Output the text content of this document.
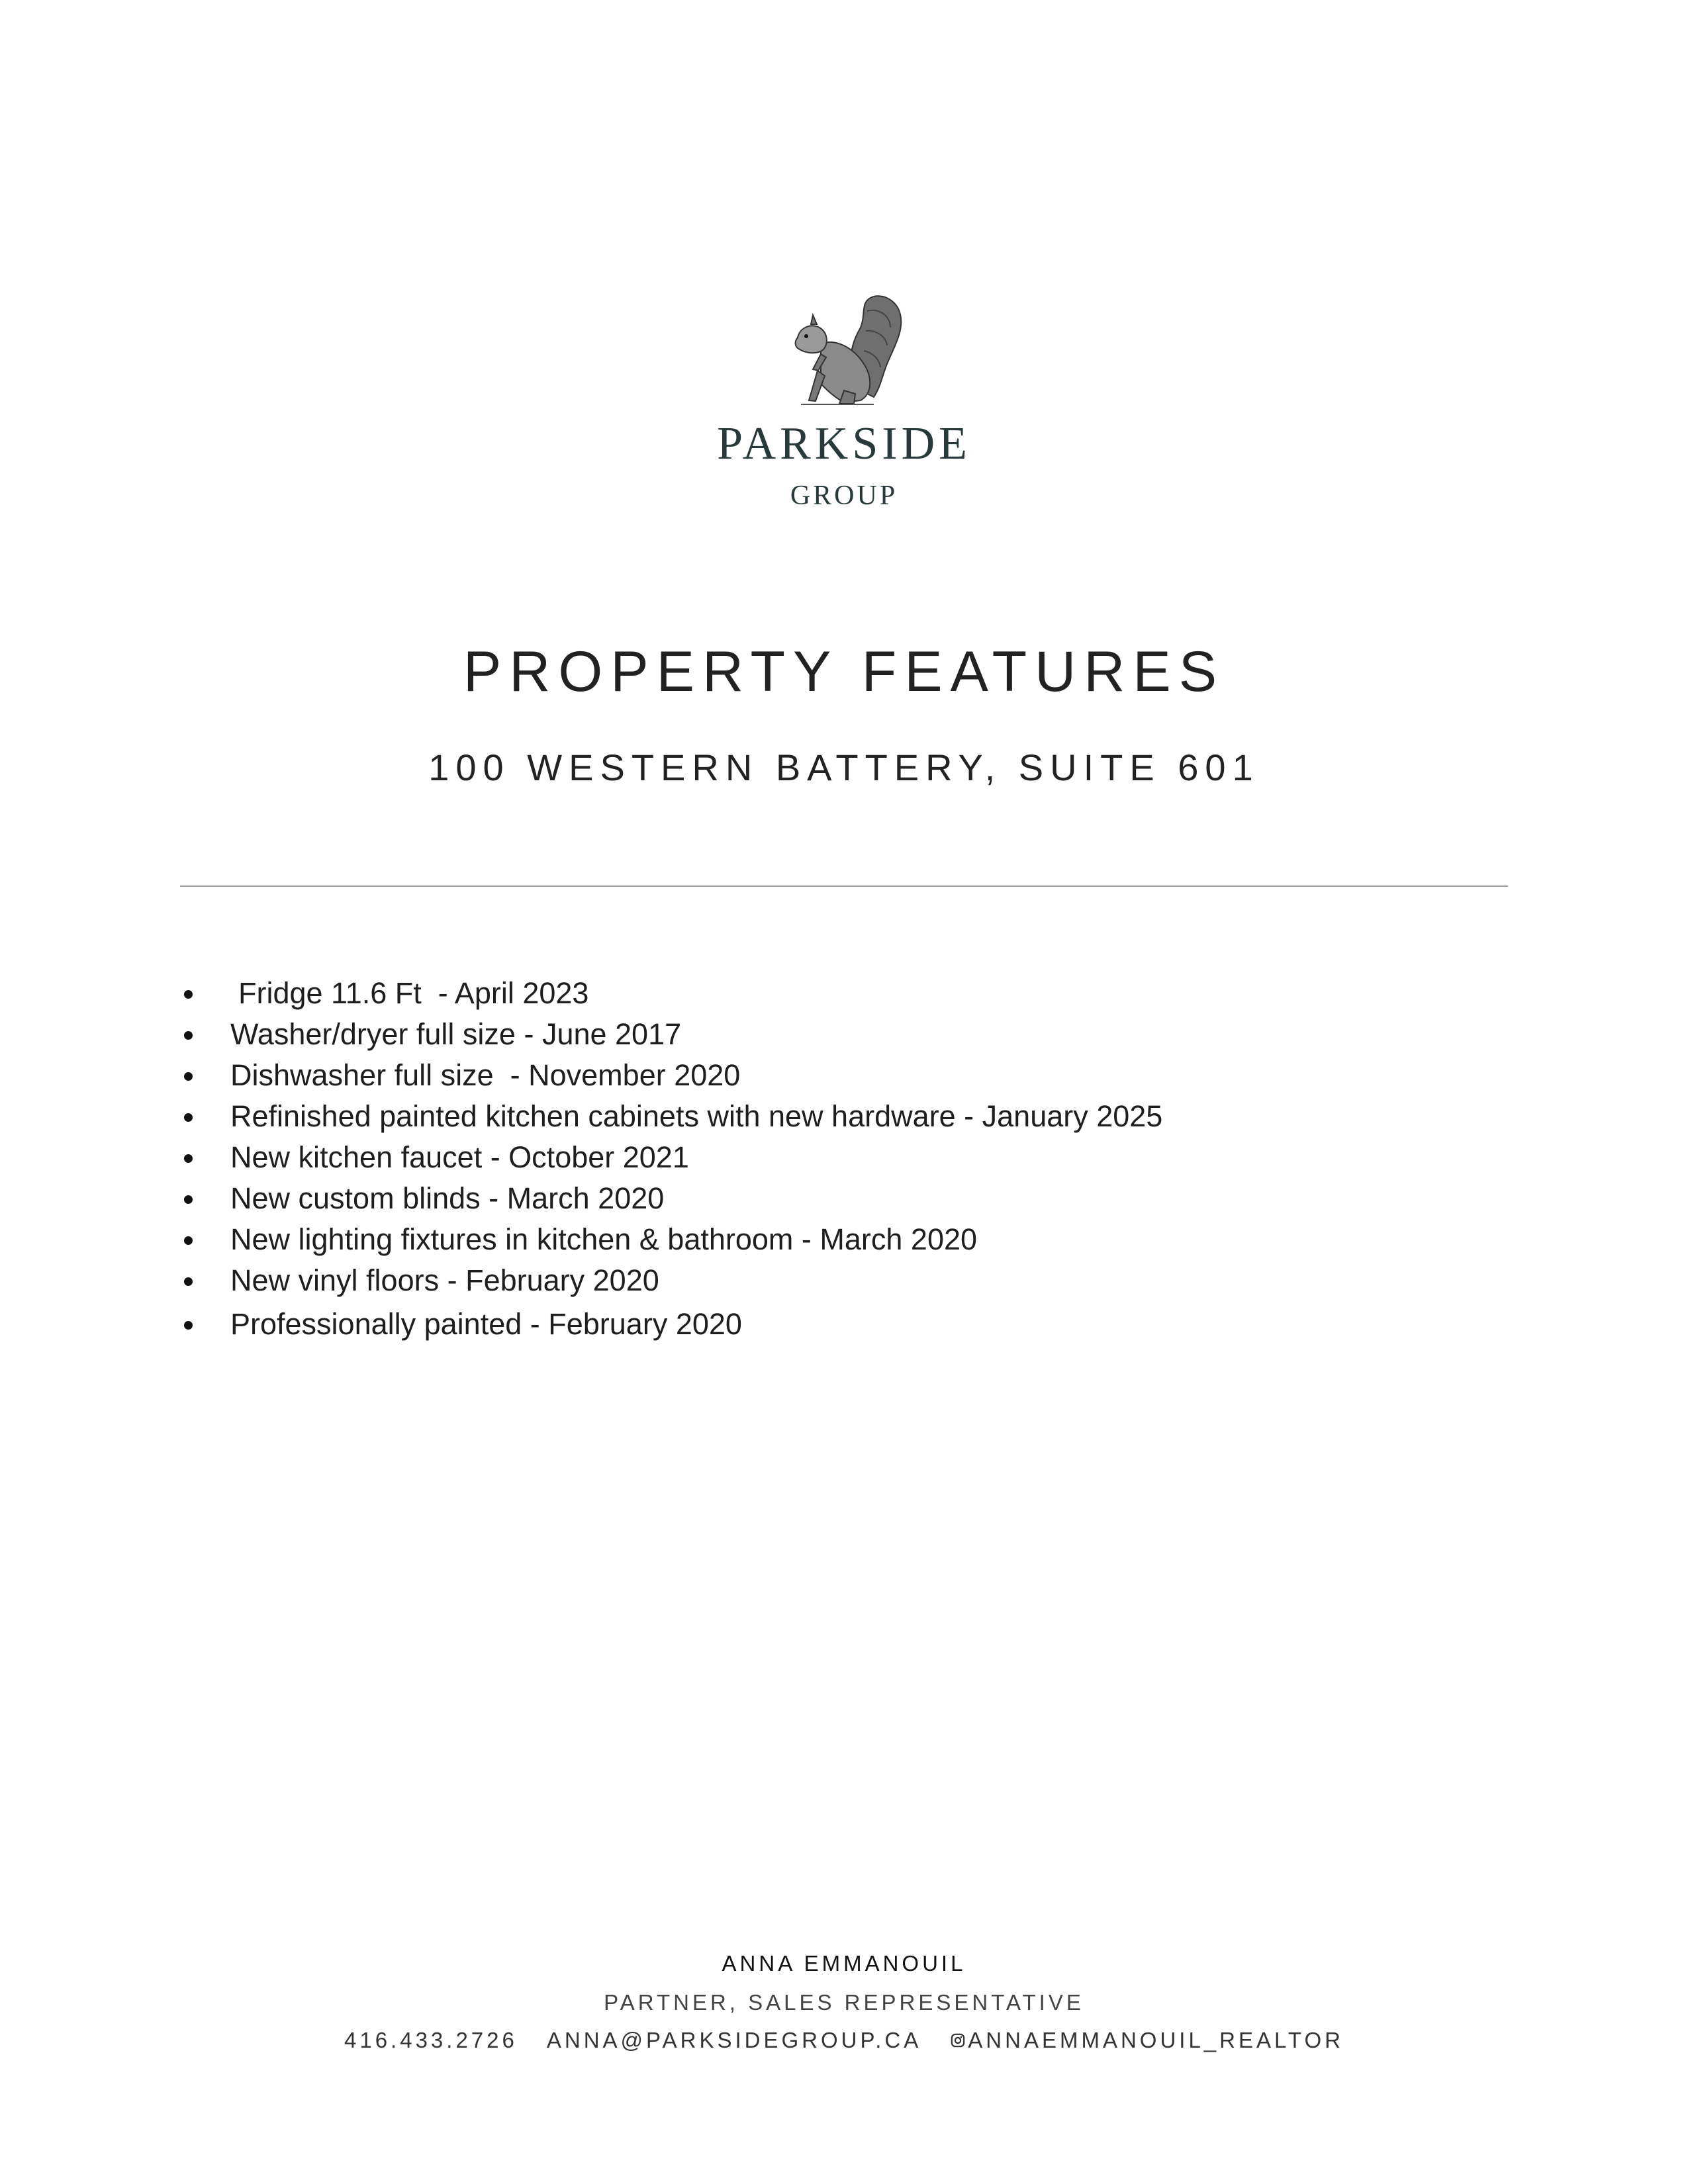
PARKSIDE
GROUP
PROPERTY FEATURES
100 WESTERN BATTERY, SUITE 601

Fridge 11.6 Ft  - April 2023

Washer/dryer full size - June 2017

Dishwasher full size  - November 2020

Refinished painted kitchen cabinets with new hardware - January 2025

New kitchen faucet - October 2021

New custom blinds - March 2020

New lighting fixtures in kitchen & bathroom - March 2020

New vinyl floors - February 2020

Professionally painted - February 2020

ANNA EMMANOUIL
PARTNER, SALES REPRESENTATIVE
416.433.2726 ANNA@PARKSIDEGROUP.CA ANNAEMMANOUIL_REALTOR
